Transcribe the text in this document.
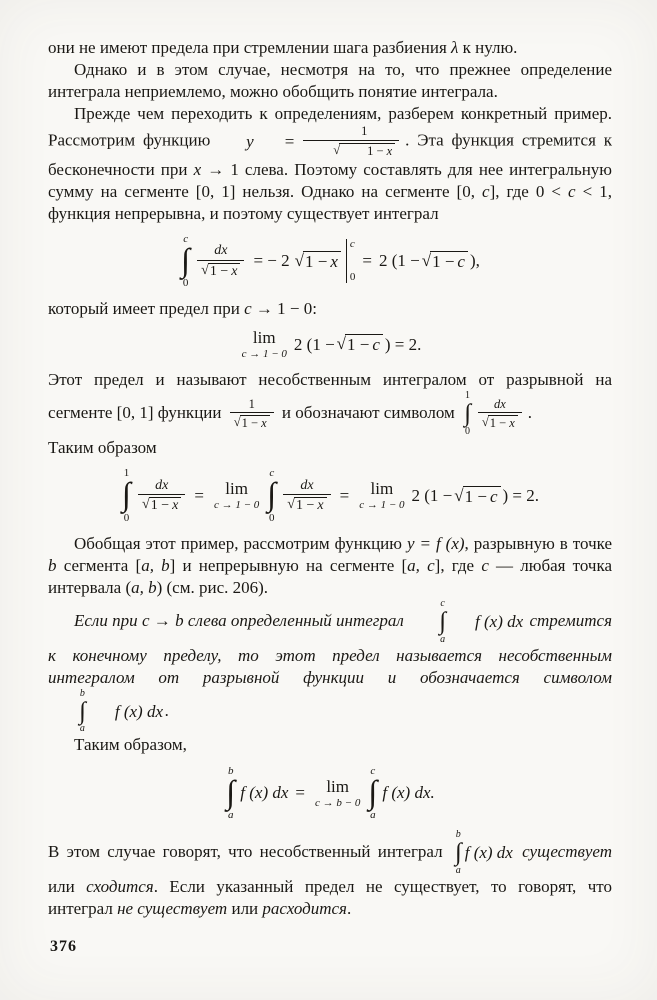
они не имеют предела при стремлении шага разбиения λ к нулю.

Однако и в этом случае, несмотря на то, что прежнее определение интеграла неприемлемо, можно обобщить понятие интеграла.

Прежде чем переходить к определениям, разберем конкретный пример. Рассмотрим функцию	y	= 1
√	1 − x . Эта функция стремится к бесконечности при x → 1 слева. Поэтому составлять для нее интегральную сумму на сегменте [0, 1] нельзя. Однако на сегменте [0, c], где 0 < c < 1, функция непрерывна, и поэтому существует интеграл

c
∫
0
$\frac{dx}{√ 1 - x}$ = − 2 √ 1 − x
c
0
= 2 (1 − √ 1 − c ),

который имеет предел при c → 1 − 0:

lim
c → 1 − 0
2 (1 − √ 1 − c ) = 2.

Этот предел и называют несобственным интегралом от разрывной на сегменте [0, 1] функции $\frac{1}{√ 1 - x}$ и обозначают символом
1
∫
0
$\frac{dx}{√ 1 - x}$ .

Таким образом

1
∫
0
$\frac{dx}{√ 1 - x} = \lim$
c → 1 − 0
c
∫
0
$\frac{dx}{√ 1 - x} = \lim$
c → 1 − 0
2 (1 − √ 1 − c ) = 2.

Обобщая этот пример, рассмотрим функцию y = f (x), разрывную в точке b сегмента [a, b] и непрерывную на сегменте [a, c], где c — любая точка интервала (a, b) (см. рис. 206).

Если при c → b слева определенный интеграл
c
∫
a
f (x) dx стремится к конечному пределу, то этот предел называется несобственным интегралом от разрывной функции и обозначается символом
b
∫
a
f (x) dx .

Таким образом,

b
∫
a
f (x) dx = lim
c → b − 0
c
∫
a
f (x) dx.

В этом случае говорят, что несобственный интеграл
b
∫
a
f (x) dx существует или сходится. Если указанный предел не существует, то говорят, что интеграл не существует или расходится.

376
